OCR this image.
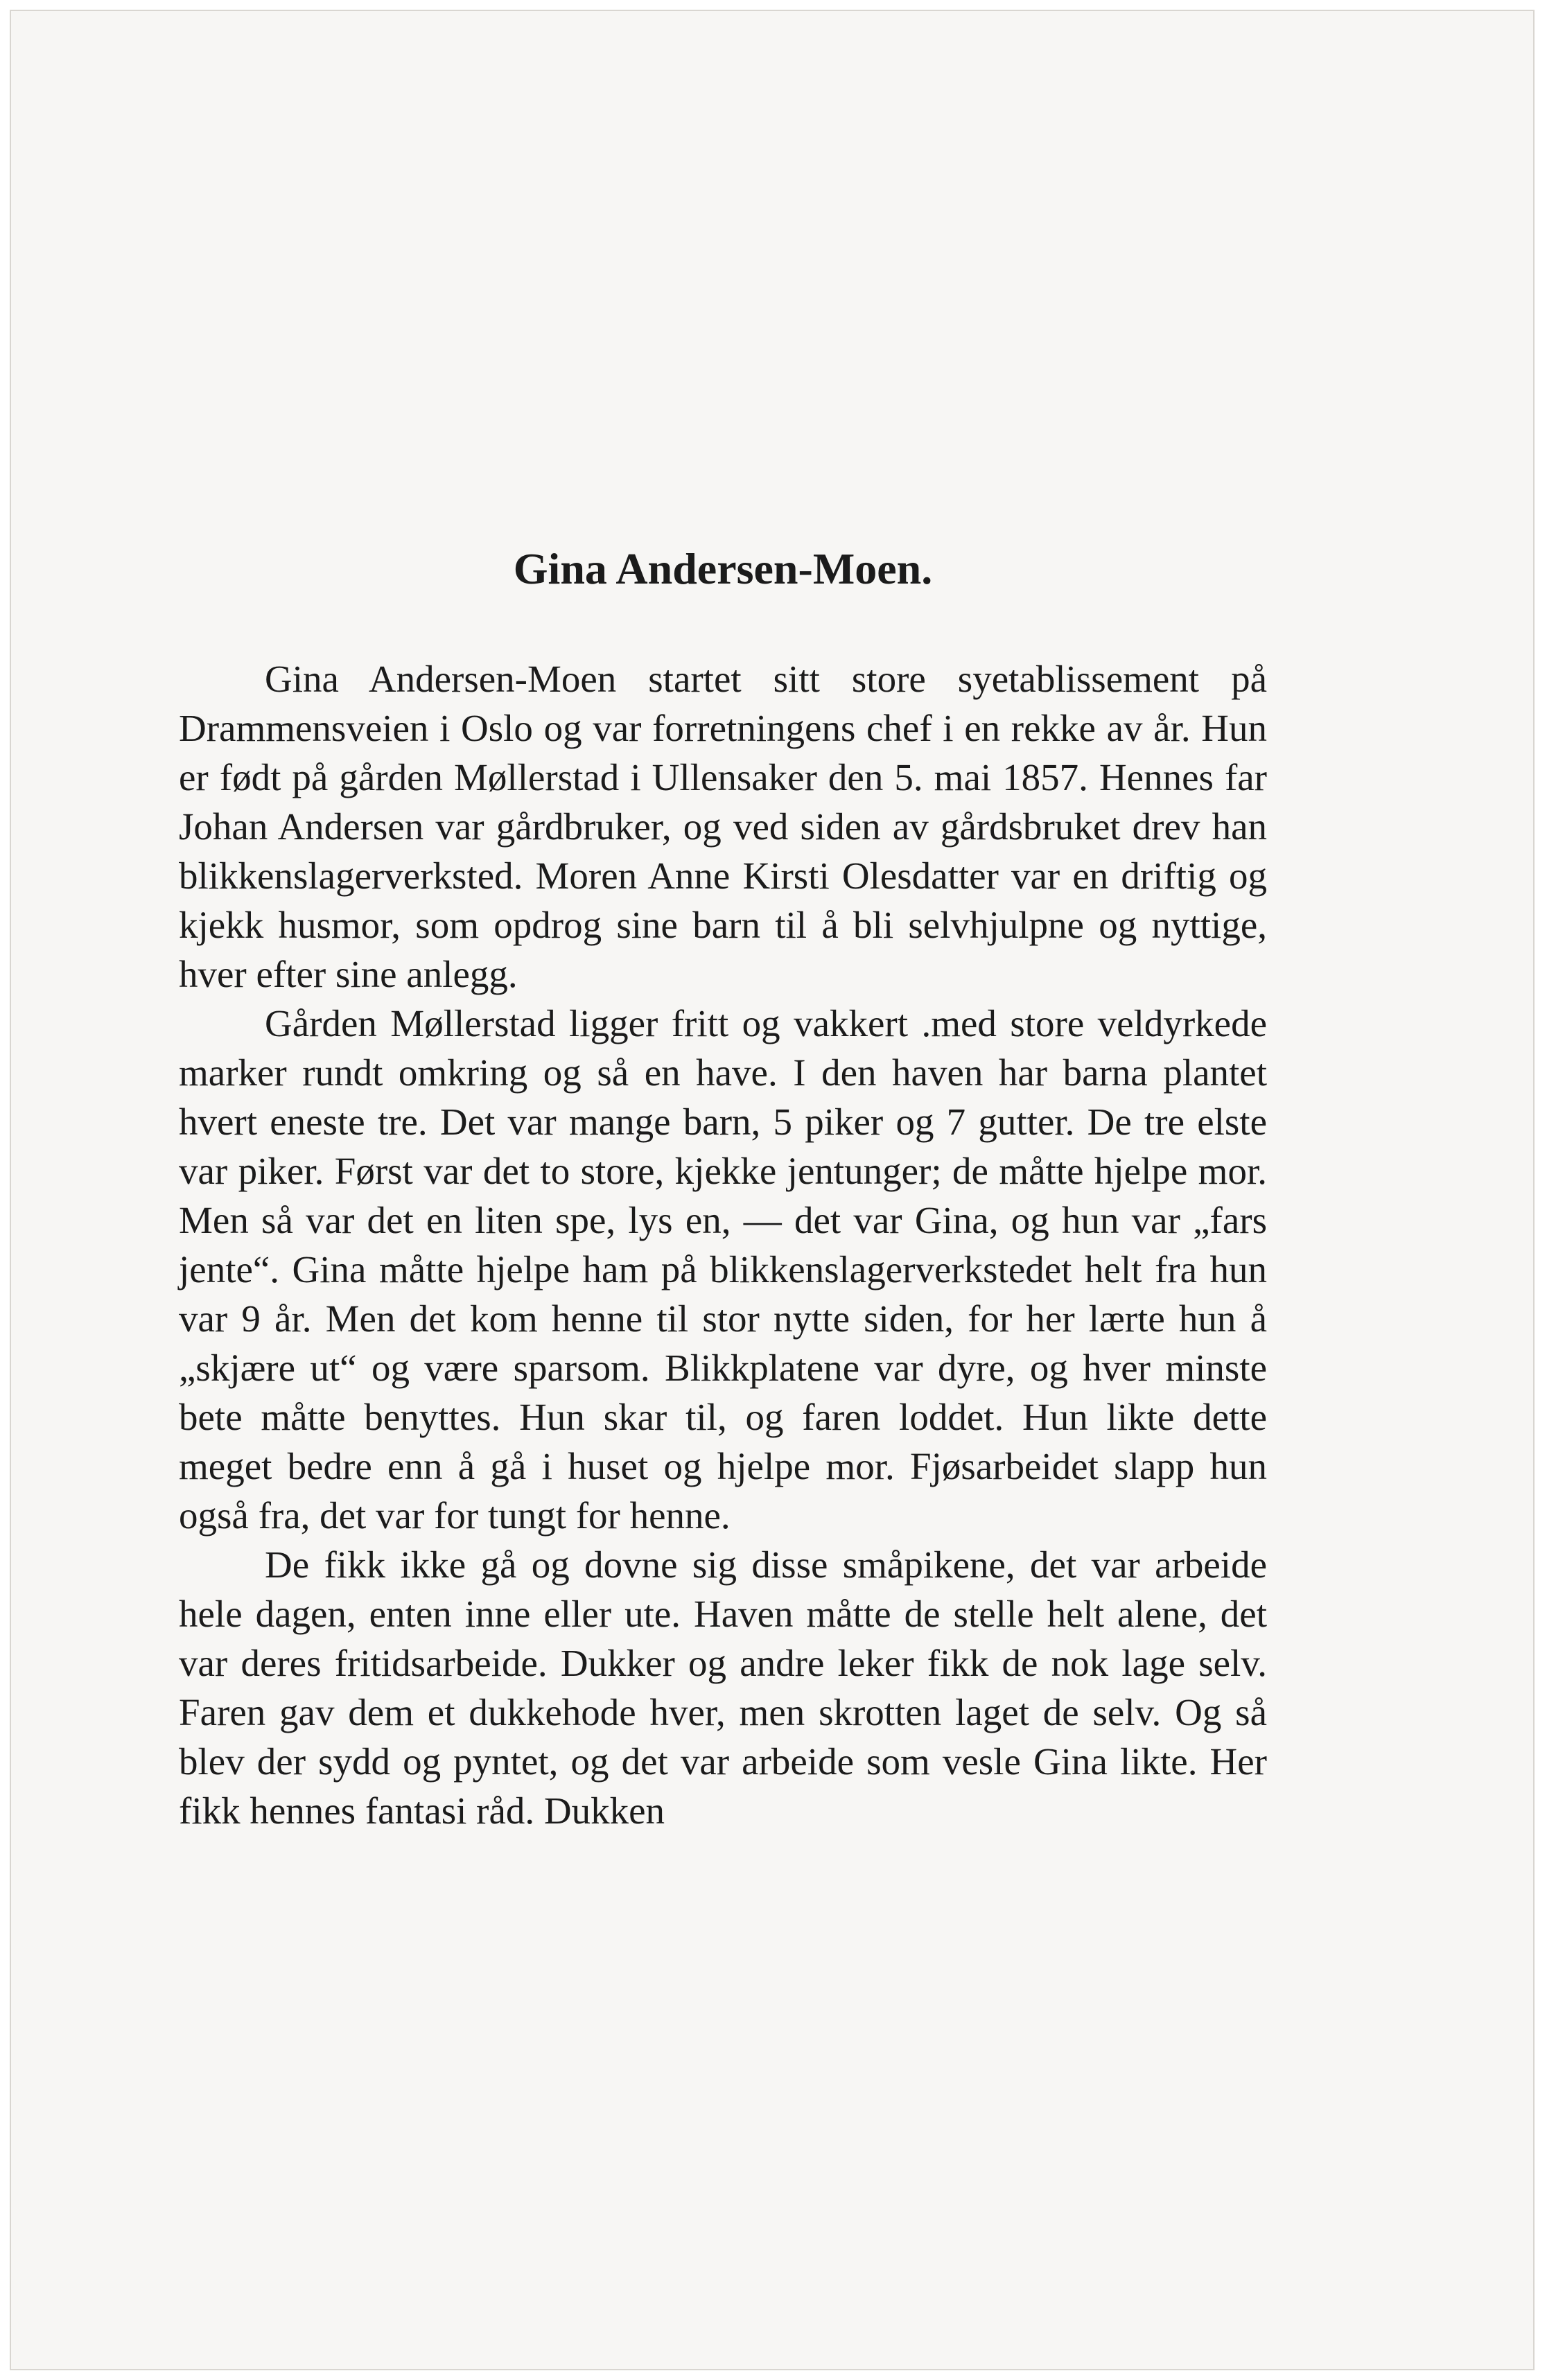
Gina Andersen-Moen.

Gina Andersen-Moen startet sitt store syetablissement på Drammensveien i Oslo og var forretningens chef i en rekke av år. Hun er født på gården Møllerstad i Ullensaker den 5. mai 1857. Hennes far Johan Andersen var gårdbruker, og ved siden av gårdsbruket drev han blikkenslagerverksted. Moren Anne Kirsti Olesdatter var en driftig og kjekk husmor, som opdrog sine barn til å bli selvhjulpne og nyttige, hver efter sine anlegg.

Gården Møllerstad ligger fritt og vakkert .med store veldyrkede marker rundt omkring og så en have. I den haven har barna plantet hvert eneste tre. Det var mange barn, 5 piker og 7 gutter. De tre elste var piker. Først var det to store, kjekke jentunger; de måtte hjelpe mor. Men så var det en liten spe, lys en, — det var Gina, og hun var „fars jente“. Gina måtte hjelpe ham på blikkenslagerverkstedet helt fra hun var 9 år. Men det kom henne til stor nytte siden, for her lærte hun å „skjære ut“ og være sparsom. Blikkplatene var dyre, og hver minste bete måtte benyttes. Hun skar til, og faren loddet. Hun likte dette meget bedre enn å gå i huset og hjelpe mor. Fjøsarbeidet slapp hun også fra, det var for tungt for henne.

De fikk ikke gå og dovne sig disse småpikene, det var arbeide hele dagen, enten inne eller ute. Haven måtte de stelle helt alene, det var deres fritidsarbeide. Dukker og andre leker fikk de nok lage selv. Faren gav dem et dukkehode hver, men skrotten laget de selv. Og så blev der sydd og pyntet, og det var arbeide som vesle Gina likte. Her fikk hennes fantasi råd. Dukken
